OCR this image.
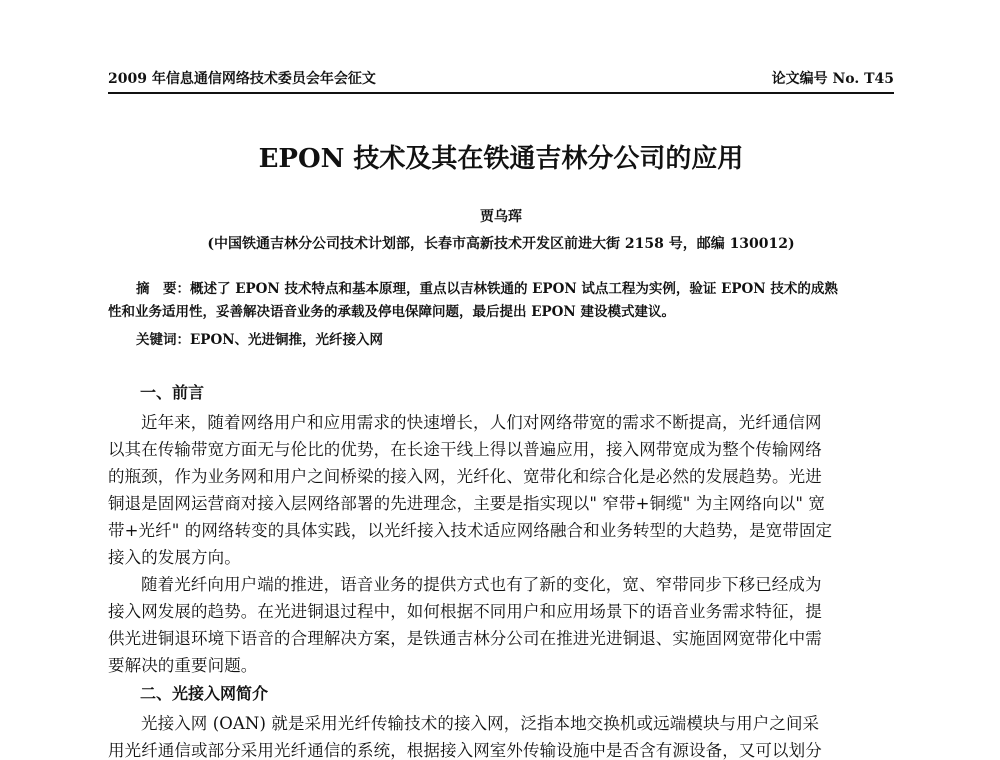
2009 年信息通信网络技术委员会年会征文	论文编号 No. T45
EPON 技术及其在铁通吉林分公司的应用
贾乌珲
(中国铁通吉林分公司技术计划部，长春市高新技术开发区前进大街 2158 号，邮编 130012)
摘　要：概述了 EPON 技术特点和基本原理，重点以吉林铁通的 EPON 试点工程为实例，验证 EPON 技术的成熟
性和业务适用性，妥善解决语音业务的承载及停电保障问题，最后提出 EPON 建设模式建议。
关键词：EPON、光进铜推，光纤接入网
一、前言
近年来，随着网络用户和应用需求的快速增长，人们对网络带宽的需求不断提高，光纤通信网
以其在传输带宽方面无与伦比的优势，在长途干线上得以普遍应用，接入网带宽成为整个传输网络
的瓶颈，作为业务网和用户之间桥梁的接入网，光纤化、宽带化和综合化是必然的发展趋势。光进
铜退是固网运营商对接入层网络部署的先进理念，主要是指实现以" 窄带+铜缆" 为主网络向以" 宽
带+光纤" 的网络转变的具体实践，以光纤接入技术适应网络融合和业务转型的大趋势，是宽带固定
接入的发展方向。
随着光纤向用户端的推进，语音业务的提供方式也有了新的变化，宽、窄带同步下移已经成为
接入网发展的趋势。在光进铜退过程中，如何根据不同用户和应用场景下的语音业务需求特征，提
供光进铜退环境下语音的合理解决方案，是铁通吉林分公司在推进光进铜退、实施固网宽带化中需
要解决的重要问题。
二、光接入网简介
光接入网 (OAN) 就是采用光纤传输技术的接入网，泛指本地交换机或远端模块与用户之间采
用光纤通信或部分采用光纤通信的系统，根据接入网室外传输设施中是否含有源设备，又可以划分
